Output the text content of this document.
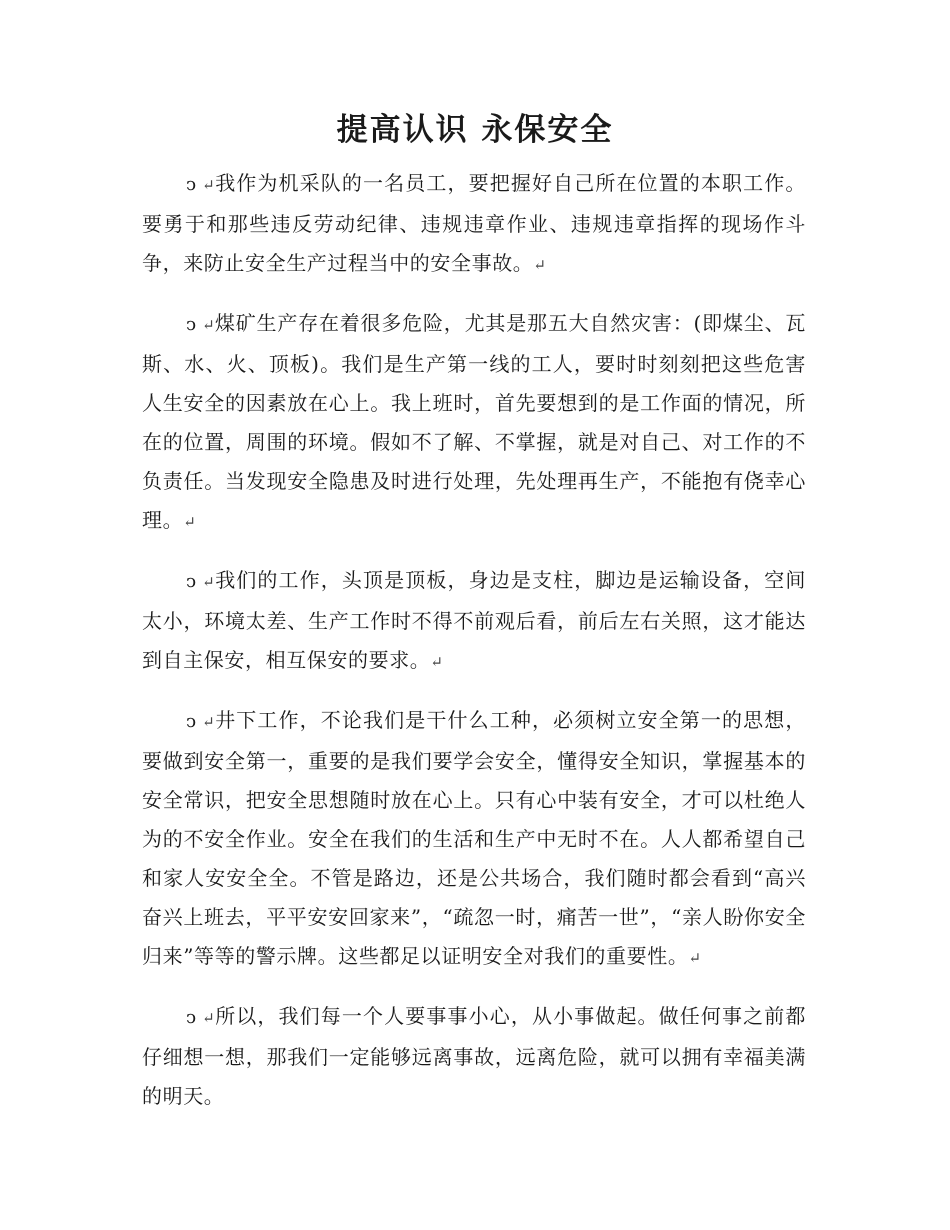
提高认识 永保安全

ↄ ↵我作为机采队的一名员工，要把握好自己所在位置的本职工作。要勇于和那些违反劳动纪律、违规违章作业、违规违章指挥的现场作斗争，来防止安全生产过程当中的安全事故。↵

ↄ ↵煤矿生产存在着很多危险，尤其是那五大自然灾害：(即煤尘、瓦斯、水、火、顶板)。我们是生产第一线的工人，要时时刻刻把这些危害人生安全的因素放在心上。我上班时，首先要想到的是工作面的情况，所在的位置，周围的环境。假如不了解、不掌握，就是对自己、对工作的不负责任。当发现安全隐患及时进行处理，先处理再生产，不能抱有侥幸心理。↵

ↄ ↵我们的工作，头顶是顶板，身边是支柱，脚边是运输设备，空间太小，环境太差、生产工作时不得不前观后看，前后左右关照，这才能达到自主保安，相互保安的要求。↵

ↄ ↵井下工作，不论我们是干什么工种，必须树立安全第一的思想，要做到安全第一，重要的是我们要学会安全，懂得安全知识，掌握基本的安全常识，把安全思想随时放在心上。只有心中装有安全，才可以杜绝人为的不安全作业。安全在我们的生活和生产中无时不在。人人都希望自己和家人安安全全。不管是路边，还是公共场合，我们随时都会看到“高兴奋兴上班去，平平安安回家来”，“疏忽一时，痛苦一世”，“亲人盼你安全归来”等等的警示牌。这些都足以证明安全对我们的重要性。↵

ↄ ↵所以，我们每一个人要事事小心，从小事做起。做任何事之前都仔细想一想，那我们一定能够远离事故，远离危险，就可以拥有幸福美满的明天。
